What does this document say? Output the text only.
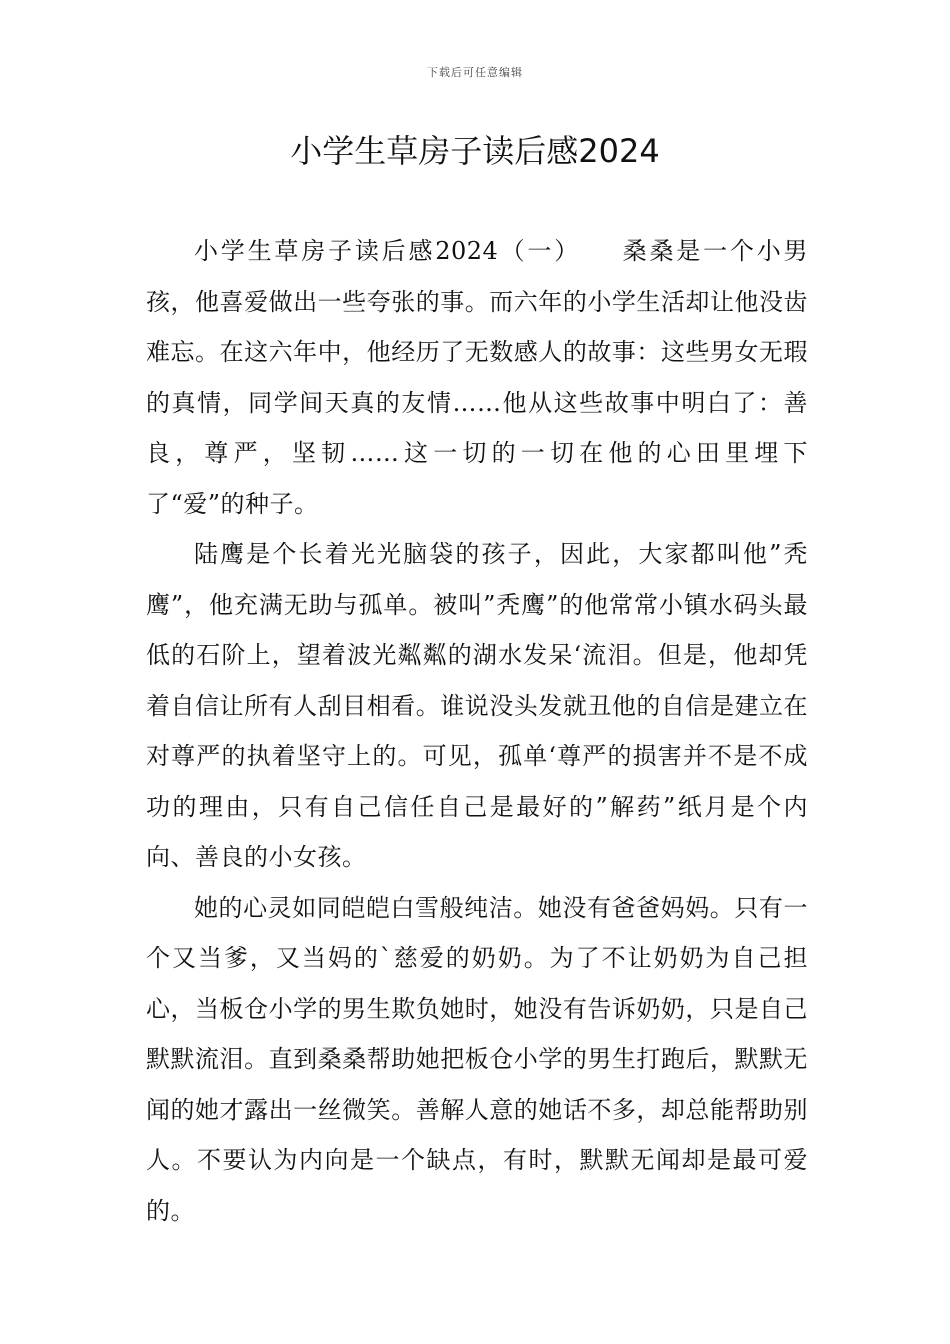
下载后可任意编辑
小学生草房子读后感2024

小学生草房子读后感2024（一）　　桑桑是一个小男孩，他喜爱做出一些夸张的事。而六年的小学生活却让他没齿难忘。在这六年中，他经历了无数感人的故事：这些男女无瑕的真情，同学间天真的友情……他从这些故事中明白了：善良，尊严，坚韧……这一切的一切在他的心田里埋下了“爱”的种子。

陆鹰是个长着光光脑袋的孩子，因此，大家都叫他”秃鹰”，他充满无助与孤单。被叫”秃鹰”的他常常小镇水码头最低的石阶上，望着波光粼粼的湖水发呆‘流泪。但是，他却凭着自信让所有人刮目相看。谁说没头发就丑他的自信是建立在对尊严的执着坚守上的。可见，孤单‘尊严的损害并不是不成功的理由，只有自己信任自己是最好的”解药”纸月是个内向、善良的小女孩。

她的心灵如同皑皑白雪般纯洁。她没有爸爸妈妈。只有一个又当爹，又当妈的`慈爱的奶奶。为了不让奶奶为自己担心，当板仓小学的男生欺负她时，她没有告诉奶奶，只是自己默默流泪。直到桑桑帮助她把板仓小学的男生打跑后，默默无闻的她才露出一丝微笑。善解人意的她话不多，却总能帮助别人。不要认为内向是一个缺点，有时，默默无闻却是最可爱的。
